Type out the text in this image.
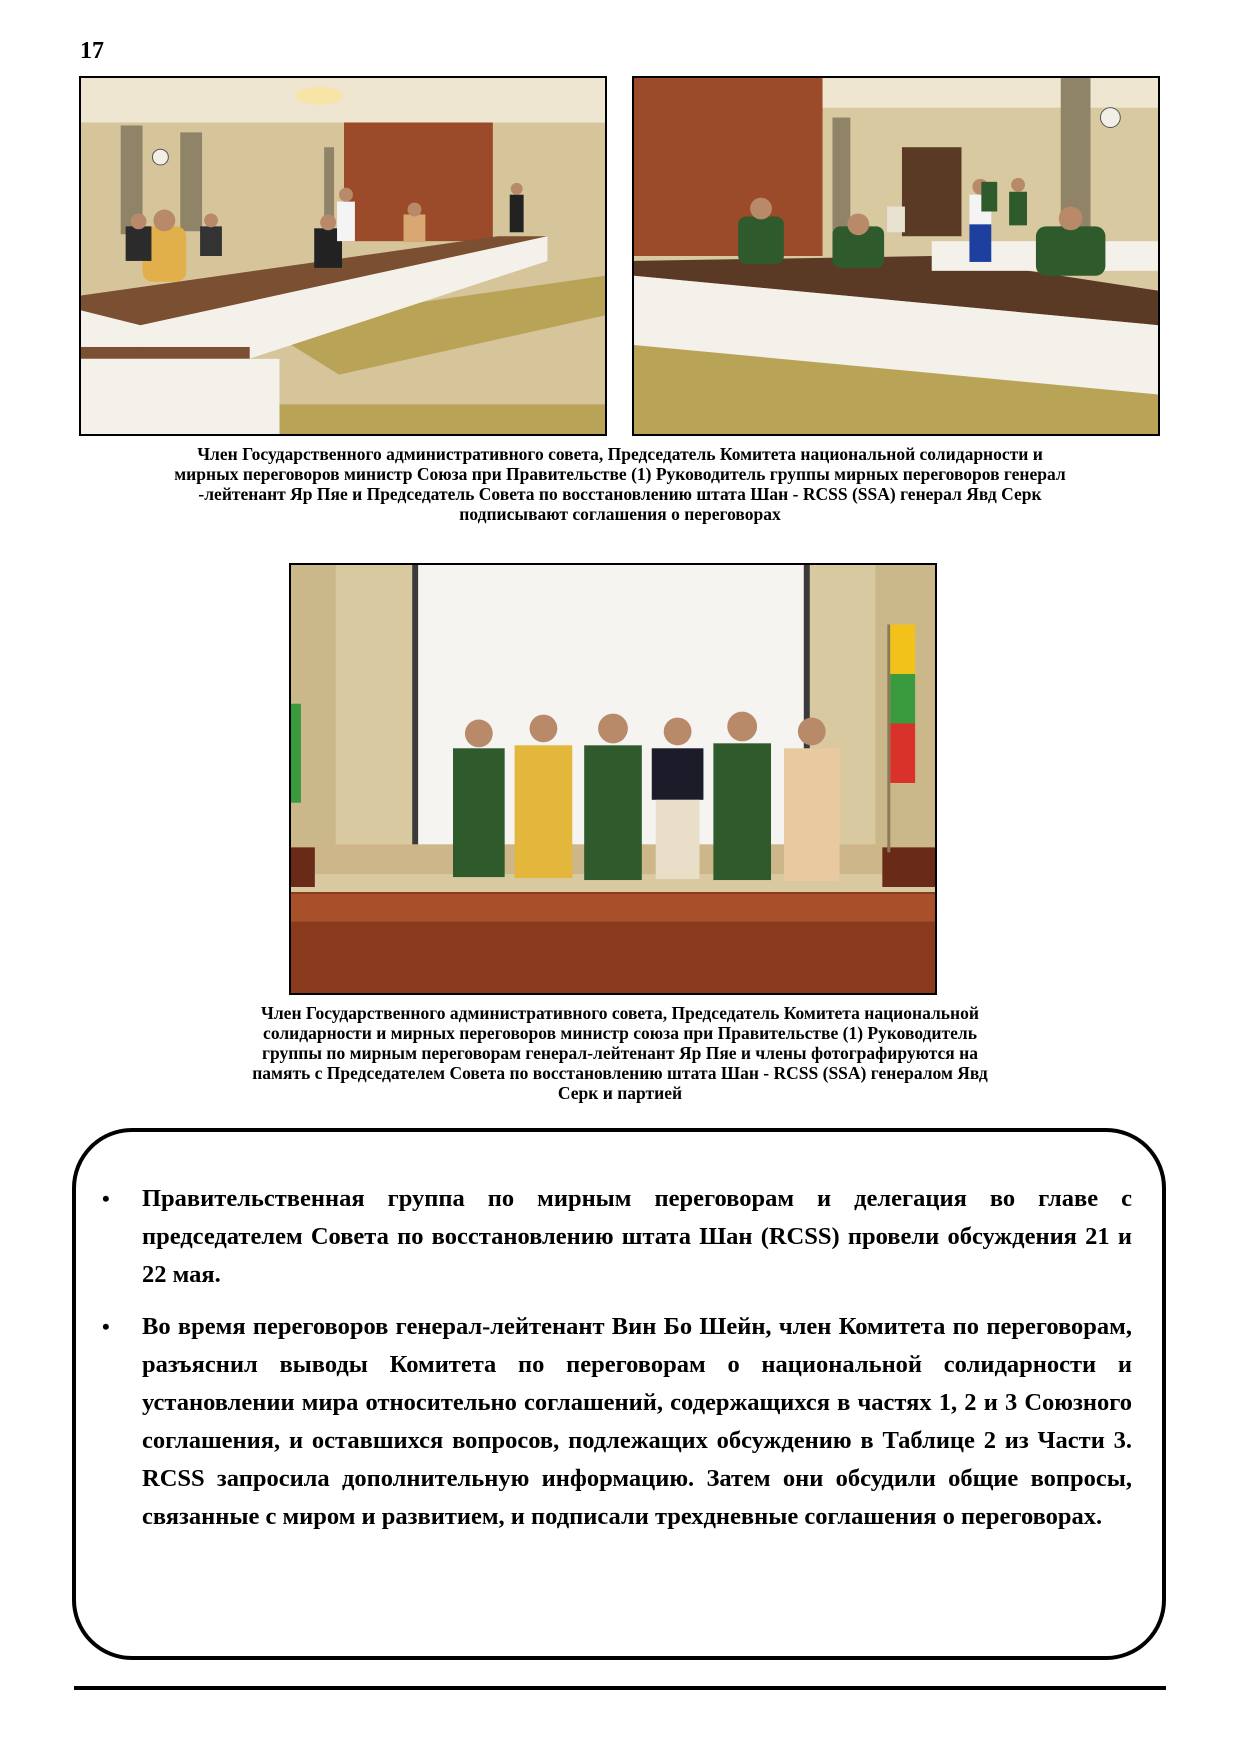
17
Член Государственного административного совета, Председатель Комитета национальной солидарности и
мирных переговоров министр Союза при Правительстве (1) Руководитель группы мирных переговоров генерал
-лейтенант Яр Пяе и Председатель Совета по восстановлению штата Шан - RCSS (SSA) генерал Явд Серк
подписывают соглашения о переговорах
Член Государственного административного совета, Председатель Комитета национальной
солидарности и мирных переговоров министр союза при Правительстве (1) Руководитель
группы по мирным переговорам генерал-лейтенант Яр Пяе и члены фотографируются на
память с Председателем Совета по восстановлению штата Шан - RCSS (SSA) генералом Явд
Серк и партией
• Правительственная группа по мирным переговорам и делегация во главе с председателем Совета по восстановлению штата Шан (RCSS) провели обсуждения 21 и 22 мая.
• Во время переговоров генерал-лейтенант Вин Бо Шейн, член Комитета по переговорам, разъяснил выводы Комитета по переговорам о национальной солидарности и установлении мира относительно соглашений, содержащихся в частях 1, 2 и 3 Союзного соглашения, и оставшихся вопросов, подлежащих обсуждению в Таблице 2 из Части 3. RCSS запросила дополнительную информацию. Затем они обсудили общие вопросы, связанные с миром и развитием, и подписали трехдневные соглашения о переговорах.
